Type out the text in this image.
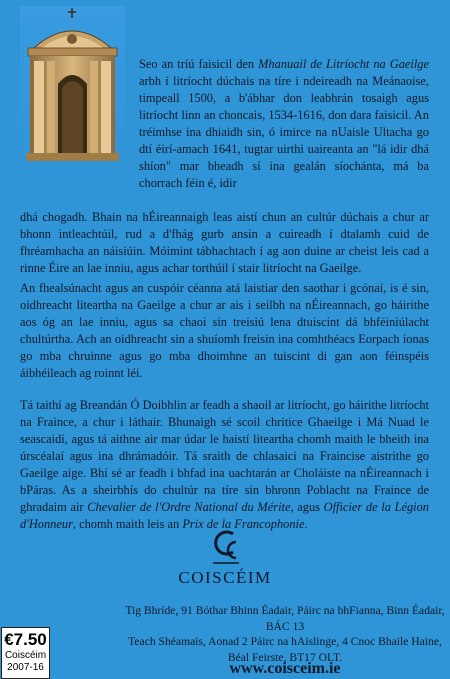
Seo an tríú faisicil den Mhanuail de Litríocht na Gaeilge arbh í litríocht dúchais na tíre i ndeireadh na Meánaoise, timpeall 1500, a b'ábhar don leabhrán tosaigh agus litríocht linn an choncais, 1534-1616, don dara faisicil. An tréimhse ina dhiaidh sin, ó imirce na nUaisle Ultacha go dtí éirí-amach 1641, tugtar uirthi uaireanta an "lá idir dhá shíon" mar bheadh sí ina gealán síochánta, má ba chorrach féin é, idir

dhá chogadh. Bhain na hÉireannaigh leas aistí chun an cultúr dúchais a chur ar bhonn intleachtúil, rud a d'fhág gurb ansin a cuireadh í dtalamh cuid de fhréamhacha an náisiúin. Móimint tábhachtach í ag aon duine ar cheist leis cad a rinne Éire an lae inniu, agus achar torthúil í stair litríocht na Gaeilge.

An fhealsúnacht agus an cuspóir céanna atá laistiar den saothar i gcónaí, is é sin, oidhreacht liteartha na Gaeilge a chur ar ais i seilbh na nÉireannach, go háirithe aos óg an lae inniu, agus sa chaoi sin treisiú lena dtuiscint dá bhféiniúlacht chultúrtha. Ach an oidhreacht sin a shuíomh freisin ina comhthéacs Eorpach ionas go mba chruinne agus go mba dhoimhne an tuiscint di gan aon féinspéis áibhéileach ag roinnt léi.

Tá taithí ag Breandán Ó Doibhlin ar feadh a shaoil ar litríocht, go háirithe litríocht na Fraince, a chur i láthair. Bhunaigh sé scoil chritice Ghaeilge i Má Nuad le seascaidí, agus tá aithne air mar údar le haistí liteartha chomh maith le bheith ina úrscéalaí agus ina dhrámadóir. Tá sraith de chlasaici na Fraincise aistrithe go Gaeilge aige. Bhí sé ar feadh i bhfad ina uachtarán ar Choláiste na nÉireannach i bPáras. As a sheirbhís do chultúr na tíre sin bhronn Poblacht na Fraince de ghradaim air Chevalier de l'Ordre National du Mérite, agus Officier de la Légion d'Honneur, chomh maith leis an Prix de la Francophonie.

COISCÉIM
Tig Bhríde, 91 Bóthar Bhinn Éadair, Páirc na bhFianna, Binn Éadair, BÁC 13
Teach Shéamais, Aonad 2 Páirc na hAislinge, 4 Cnoc Bhaile Haine,
Béal Feirste, BT17 OLT.
www.coisceim.ie
€7.50
Coiscéim
2007-16
